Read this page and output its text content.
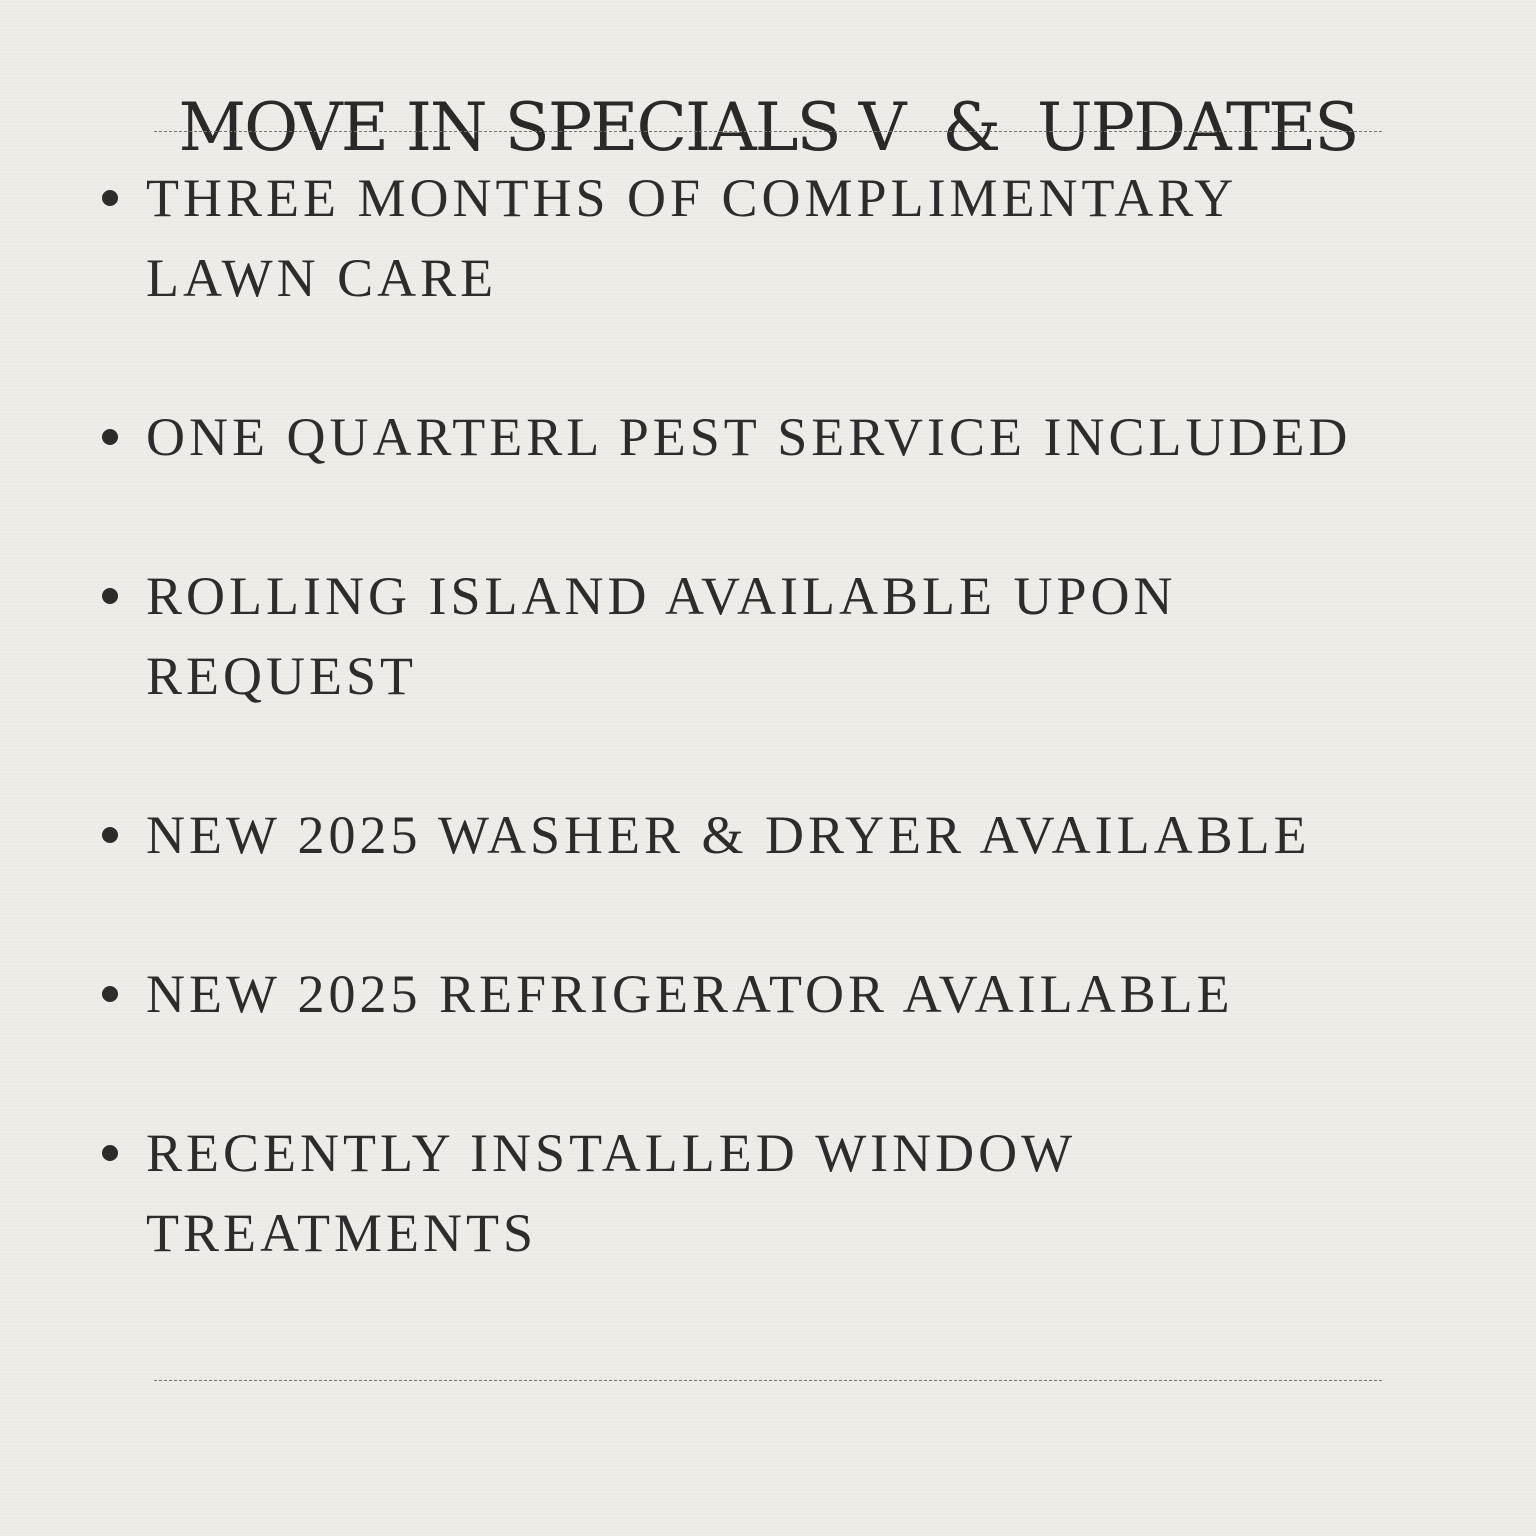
MOVE IN SPECIALS V  &  UPDATES
THREE MONTHS OF COMPLIMENTARY LAWN CARE
ONE QUARTERL PEST SERVICE INCLUDED
ROLLING ISLAND AVAILABLE UPON REQUEST
NEW 2025 WASHER & DRYER AVAILABLE
NEW 2025 REFRIGERATOR AVAILABLE
RECENTLY INSTALLED WINDOW TREATMENTS
